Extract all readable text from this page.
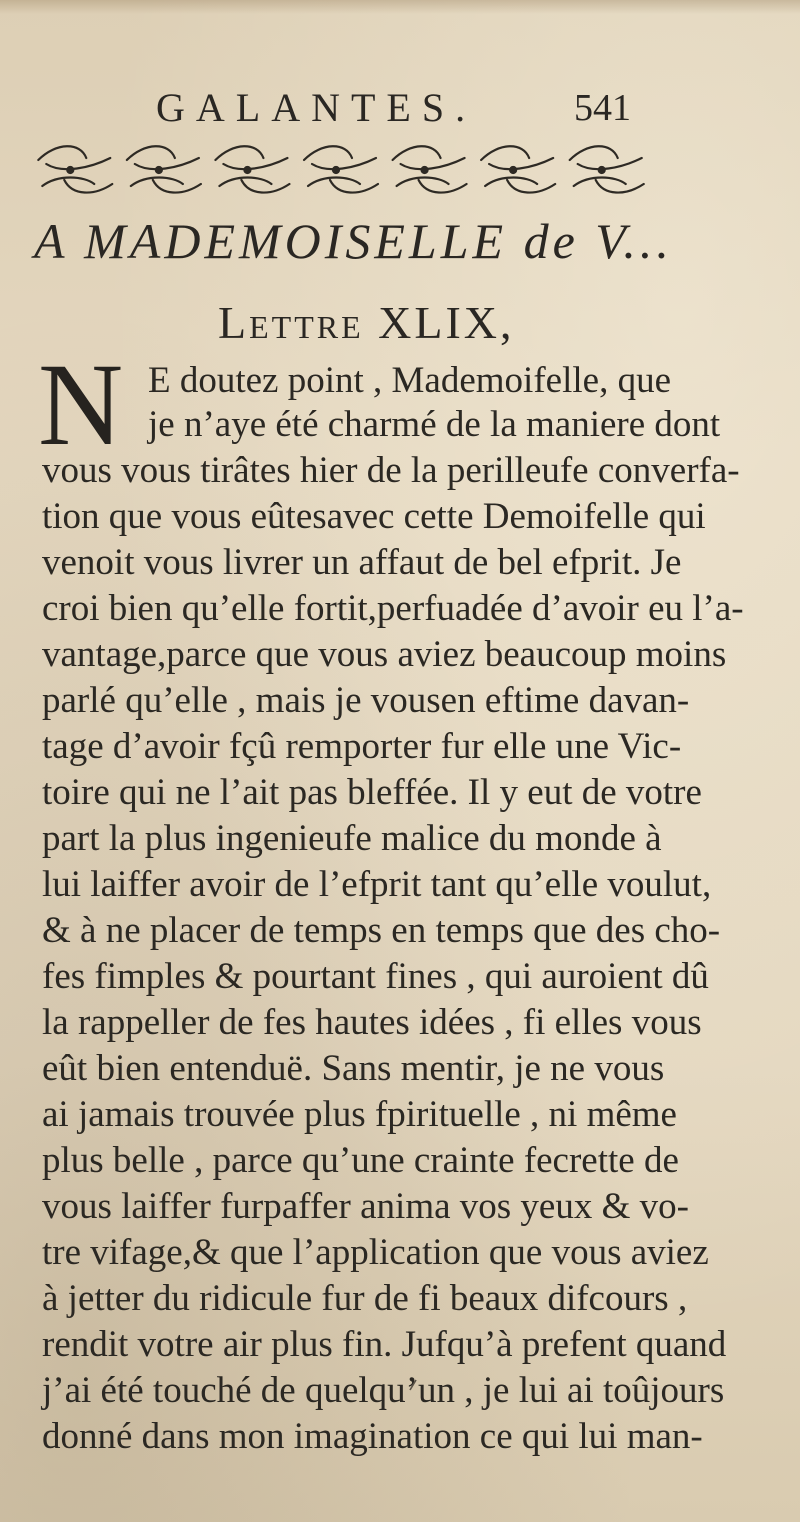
GALANTES.	541
A MADEMOISELLE de V...
Lettre XLIX,
N E doutez point , Mademoifelle, que
je n’aye été charmé de la maniere dont
vous vous tirâtes hier de la perilleufe converfa-
tion que vous eûtesavec cette Demoifelle qui
venoit vous livrer un affaut de bel efprit. Je
croi bien qu’elle fortit,perfuadée d’avoir eu l’a-
vantage,parce que vous aviez beaucoup moins
parlé qu’elle , mais je vousen eftime davan-
tage d’avoir fçû remporter fur elle une Vic-
toire qui ne l’ait pas bleffée. Il y eut de votre
part la plus ingenieufe malice du monde à
lui laiffer avoir de l’efprit tant qu’elle voulut,
& à ne placer de temps en temps que des cho-
fes fimples & pourtant fines , qui auroient dû
la rappeller de fes hautes idées , fi elles vous
eût bien entenduë. Sans mentir, je ne vous
ai jamais trouvée plus fpirituelle , ni même
plus belle , parce qu’une crainte fecrette de
vous laiffer furpaffer anima vos yeux & vo-
tre vifage,& que l’application que vous aviez
à jetter du ridicule fur de fi beaux difcours ,
rendit votre air plus fin. Jufqu’à prefent quand
j’ai été touché de quelqu’un , je lui ai toûjours
donné dans mon imagination ce qui lui man-
